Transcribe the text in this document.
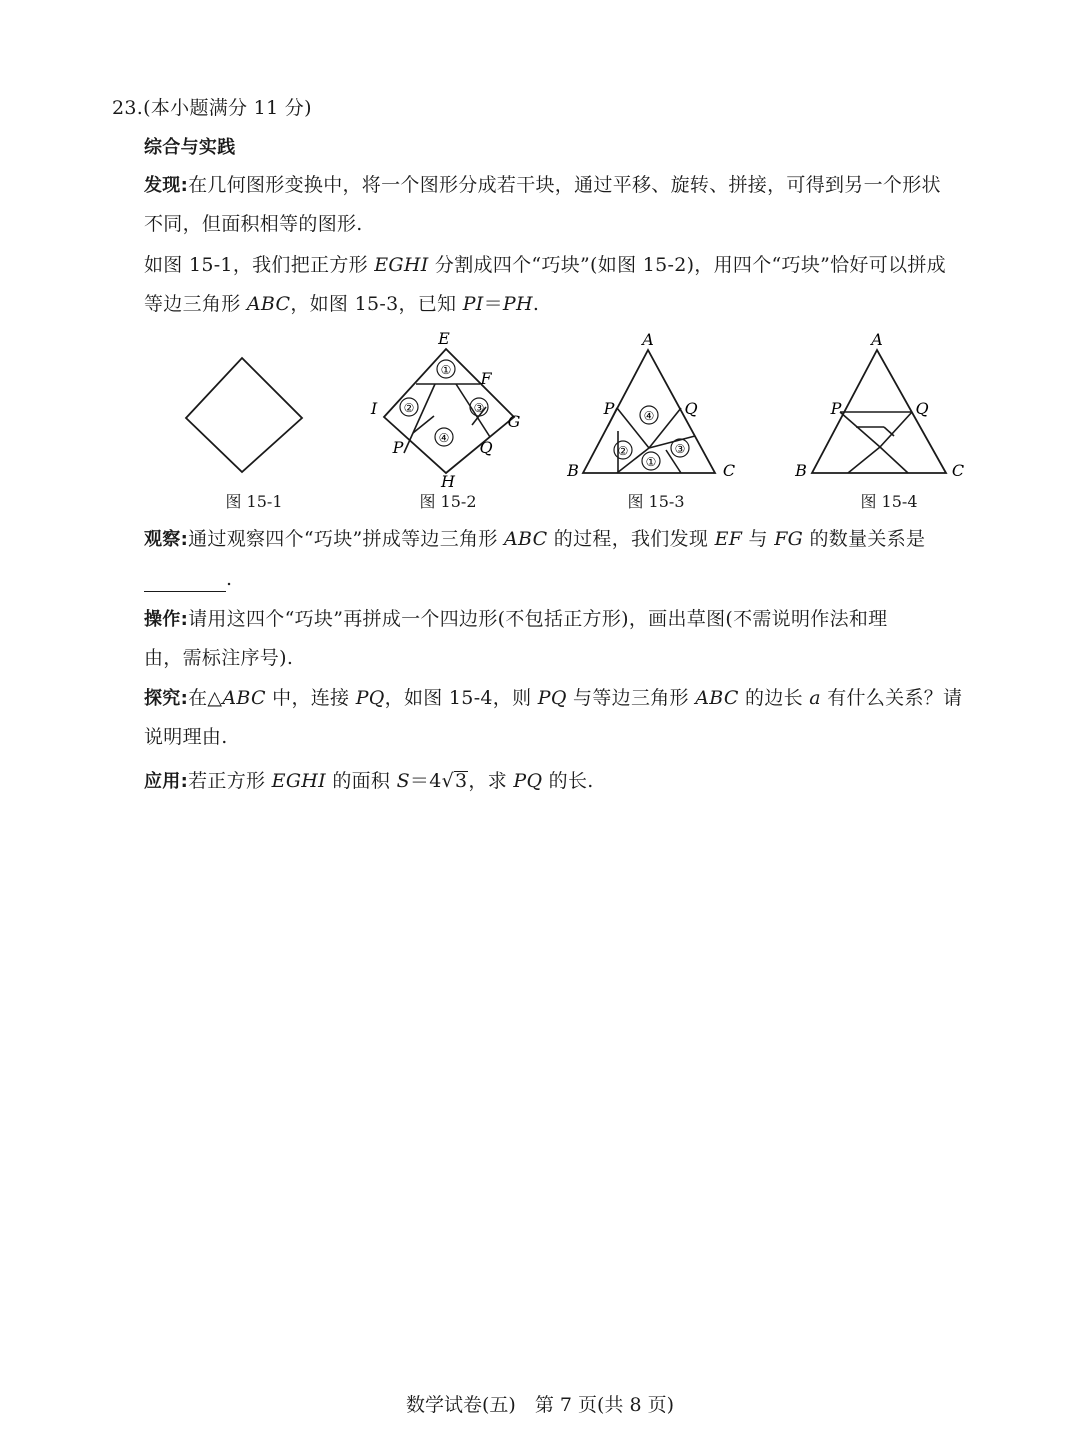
23.(本小题满分 11 分)
综合与实践
发现:在几何图形变换中，将一个图形分成若干块，通过平移、旋转、拼接，可得到另一个形状
不同，但面积相等的图形.
如图 15-1，我们把正方形 EGHI 分割成四个“巧块”(如图 15-2)，用四个“巧块”恰好可以拼成
等边三角形 ABC，如图 15-3，已知 PI＝PH.
图 15-1
①
②	③
④
E
F
G
H
I
P	Q
图 15-2
④
②
①
③
A
B	C
P	Q
图 15-3
A
B	C
P	Q
图 15-4
观察:通过观察四个“巧块”拼成等边三角形 ABC 的过程，我们发现 EF 与 FG 的数量关系是
.
操作:请用这四个“巧块”再拼成一个四边形(不包括正方形)，画出草图(不需说明作法和理
由，需标注序号).
探究:在△ABC 中，连接 PQ，如图 15-4，则 PQ 与等边三角形 ABC 的边长 a 有什么关系？请
说明理由.
应用:若正方形 EGHI 的面积 S＝4√3，求 PQ 的长.
数学试卷(五)　第 7 页(共 8 页)
